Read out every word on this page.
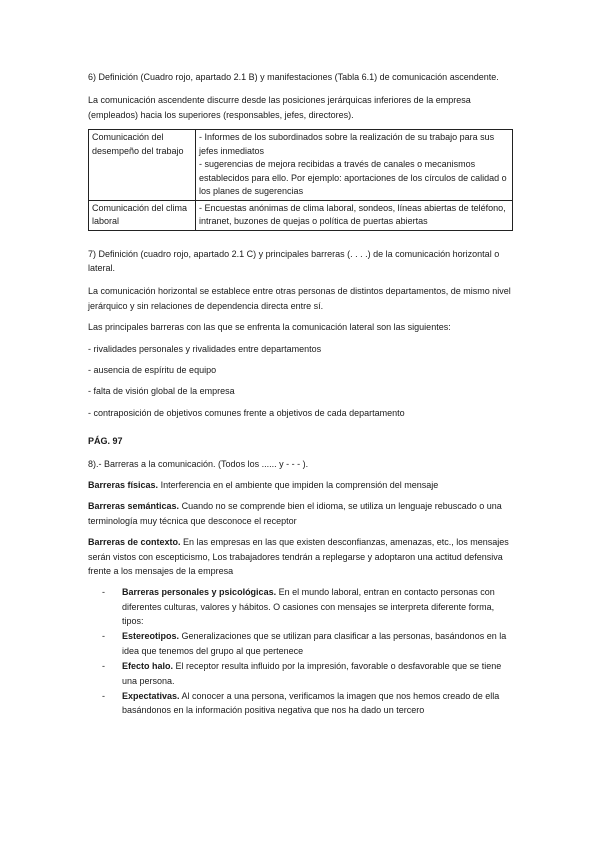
6) Definición (Cuadro rojo, apartado 2.1 B) y manifestaciones (Tabla 6.1) de comunicación ascendente.

La comunicación ascendente discurre desde las posiciones jerárquicas inferiores de la empresa (empleados) hacia los superiores (responsables, jefes, directores).

Comunicación del desempeño del trabajo	- Informes de los subordinados sobre la realización de su trabajo para sus jefes inmediatos
- sugerencias de mejora recibidas a través de canales o mecanismos establecidos para ello. Por ejemplo: aportaciones de los círculos de calidad o los planes de sugerencias

Comunicación del clima laboral	- Encuestas anónimas de clima laboral, sondeos, líneas abiertas de teléfono, intranet, buzones de quejas o política de puertas abiertas

7) Definición (cuadro rojo, apartado 2.1 C) y principales barreras (. . . .) de la comunicación horizontal o lateral.

La comunicación horizontal se establece entre otras personas de distintos departamentos, de mismo nivel jerárquico y sin relaciones de dependencia directa entre sí.

Las principales barreras con las que se enfrenta la comunicación lateral son las siguientes:

- rivalidades personales y rivalidades entre departamentos

- ausencia de espíritu de equipo

- falta de visión global de la empresa

- contraposición de objetivos comunes frente a objetivos de cada departamento

PÁG. 97

8).- Barreras a la comunicación. (Todos los ...... y - - - ).

Barreras físicas. Interferencia en el ambiente que impiden la comprensión del mensaje

Barreras semánticas. Cuando no se comprende bien el idioma, se utiliza un lenguaje rebuscado o una terminología muy técnica que desconoce el receptor

Barreras de contexto. En las empresas en las que existen desconfianzas, amenazas, etc., los mensajes serán vistos con escepticismo, Los trabajadores tendrán a replegarse y adoptaron una actitud defensiva frente a los mensajes de la empresa

- Barreras personales y psicológicas. En el mundo laboral, entran en contacto personas con diferentes culturas, valores y hábitos. O casiones con mensajes se interpreta diferente forma, tipos:
- Estereotipos. Generalizaciones que se utilizan para clasificar a las personas, basándonos en la idea que tenemos del grupo al que pertenece
- Efecto halo. El receptor resulta influido por la impresión, favorable o desfavorable que se tiene una persona.
- Expectativas. Al conocer a una persona, verificamos la imagen que nos hemos creado de ella basándonos en la información positiva negativa que nos ha dado un tercero
